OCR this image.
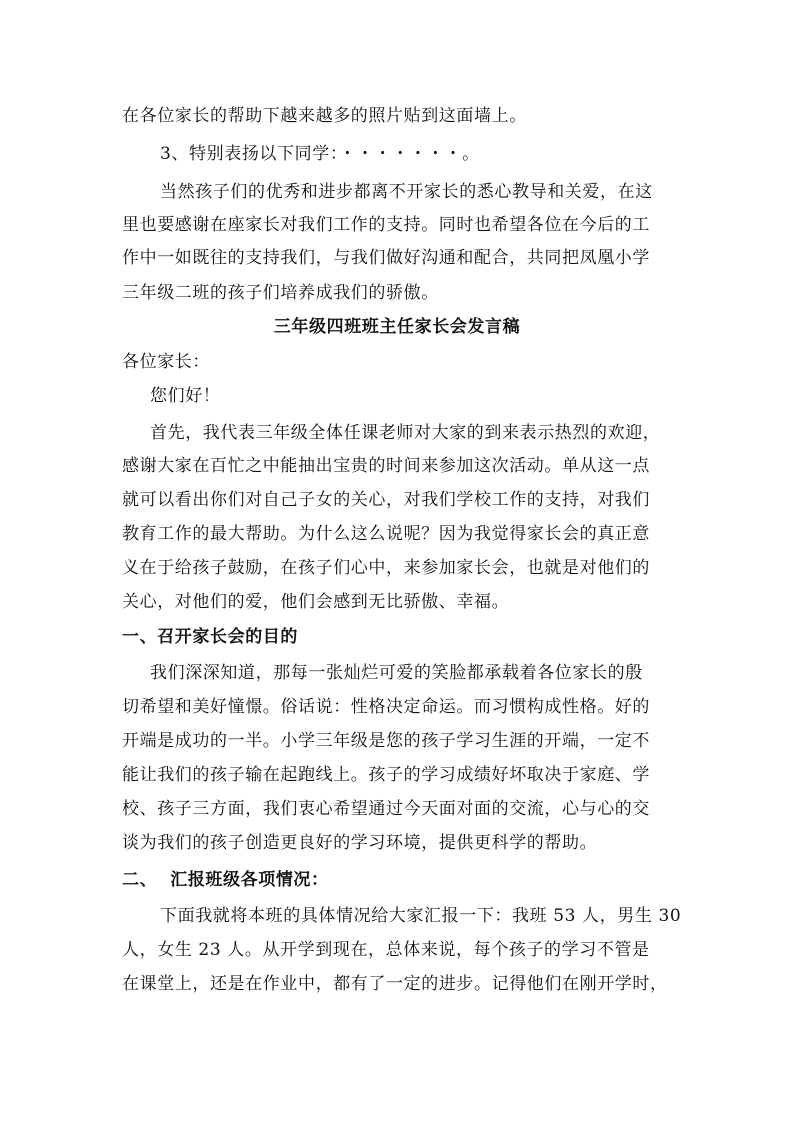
在各位家长的帮助下越来越多的照片贴到这面墙上。
3、特别表扬以下同学：・・・・・・・。
当然孩子们的优秀和进步都离不开家长的悉心教导和关爱，在这
里也要感谢在座家长对我们工作的支持。同时也希望各位在今后的工
作中一如既往的支持我们，与我们做好沟通和配合，共同把凤凰小学
三年级二班的孩子们培养成我们的骄傲。
三年级四班班主任家长会发言稿
各位家长：
您们好！
首先，我代表三年级全体任课老师对大家的到来表示热烈的欢迎，
感谢大家在百忙之中能抽出宝贵的时间来参加这次活动。单从这一点
就可以看出你们对自己子女的关心，对我们学校工作的支持，对我们
教育工作的最大帮助。为什么这么说呢？因为我觉得家长会的真正意
义在于给孩子鼓励，在孩子们心中，来参加家长会，也就是对他们的
关心，对他们的爱，他们会感到无比骄傲、幸福。
一、召开家长会的目的
我们深深知道，那每一张灿烂可爱的笑脸都承载着各位家长的殷
切希望和美好憧憬。俗话说：性格决定命运。而习惯构成性格。好的
开端是成功的一半。小学三年级是您的孩子学习生涯的开端，一定不
能让我们的孩子输在起跑线上。孩子的学习成绩好坏取决于家庭、学
校、孩子三方面，我们衷心希望通过今天面对面的交流，心与心的交
谈为我们的孩子创造更良好的学习环境，提供更科学的帮助。
二、  汇报班级各项情况：
下面我就将本班的具体情况给大家汇报一下：我班 53 人，男生 30
人，女生 23 人。从开学到现在，总体来说，每个孩子的学习不管是
在课堂上，还是在作业中，都有了一定的进步。记得他们在刚开学时，
